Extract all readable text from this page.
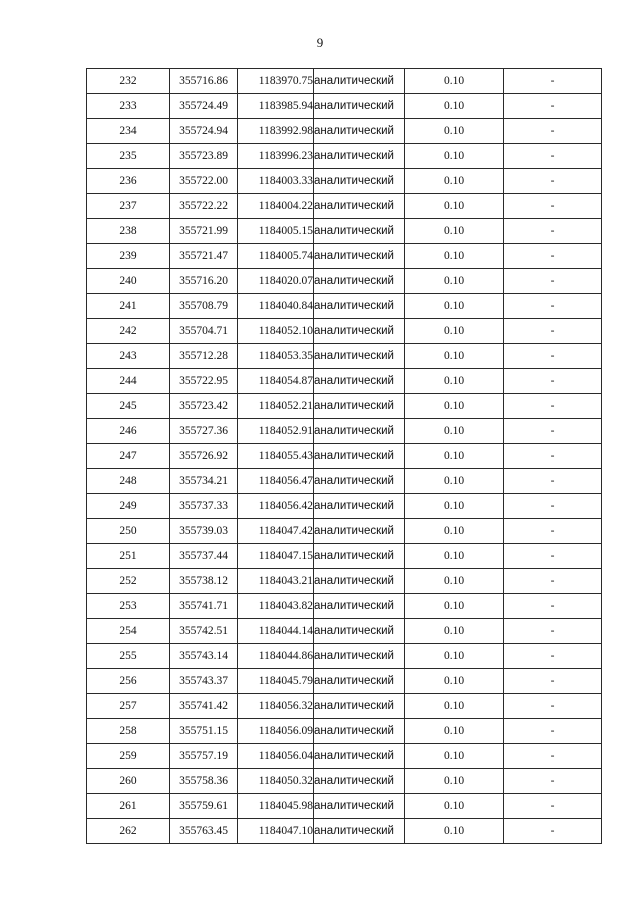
9
232	355716.86	1183970.75	аналитический	0.10	-
233	355724.49	1183985.94	аналитический	0.10	-
234	355724.94	1183992.98	аналитический	0.10	-
235	355723.89	1183996.23	аналитический	0.10	-
236	355722.00	1184003.33	аналитический	0.10	-
237	355722.22	1184004.22	аналитический	0.10	-
238	355721.99	1184005.15	аналитический	0.10	-
239	355721.47	1184005.74	аналитический	0.10	-
240	355716.20	1184020.07	аналитический	0.10	-
241	355708.79	1184040.84	аналитический	0.10	-
242	355704.71	1184052.10	аналитический	0.10	-
243	355712.28	1184053.35	аналитический	0.10	-
244	355722.95	1184054.87	аналитический	0.10	-
245	355723.42	1184052.21	аналитический	0.10	-
246	355727.36	1184052.91	аналитический	0.10	-
247	355726.92	1184055.43	аналитический	0.10	-
248	355734.21	1184056.47	аналитический	0.10	-
249	355737.33	1184056.42	аналитический	0.10	-
250	355739.03	1184047.42	аналитический	0.10	-
251	355737.44	1184047.15	аналитический	0.10	-
252	355738.12	1184043.21	аналитический	0.10	-
253	355741.71	1184043.82	аналитический	0.10	-
254	355742.51	1184044.14	аналитический	0.10	-
255	355743.14	1184044.86	аналитический	0.10	-
256	355743.37	1184045.79	аналитический	0.10	-
257	355741.42	1184056.32	аналитический	0.10	-
258	355751.15	1184056.09	аналитический	0.10	-
259	355757.19	1184056.04	аналитический	0.10	-
260	355758.36	1184050.32	аналитический	0.10	-
261	355759.61	1184045.98	аналитический	0.10	-
262	355763.45	1184047.10	аналитический	0.10	-
